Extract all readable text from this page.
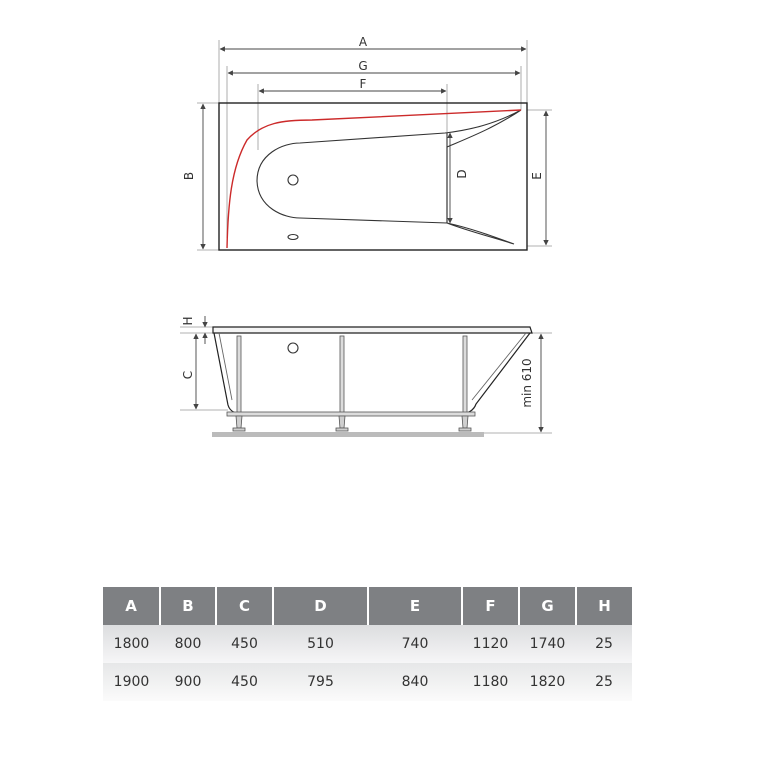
A
G
F
B	D	E
H
C	min 610
A	B	C	D	E	F	G	H
1800	800	450	510	740	1120	1740	25
1900	900	450	795	840	1180	1820	25
